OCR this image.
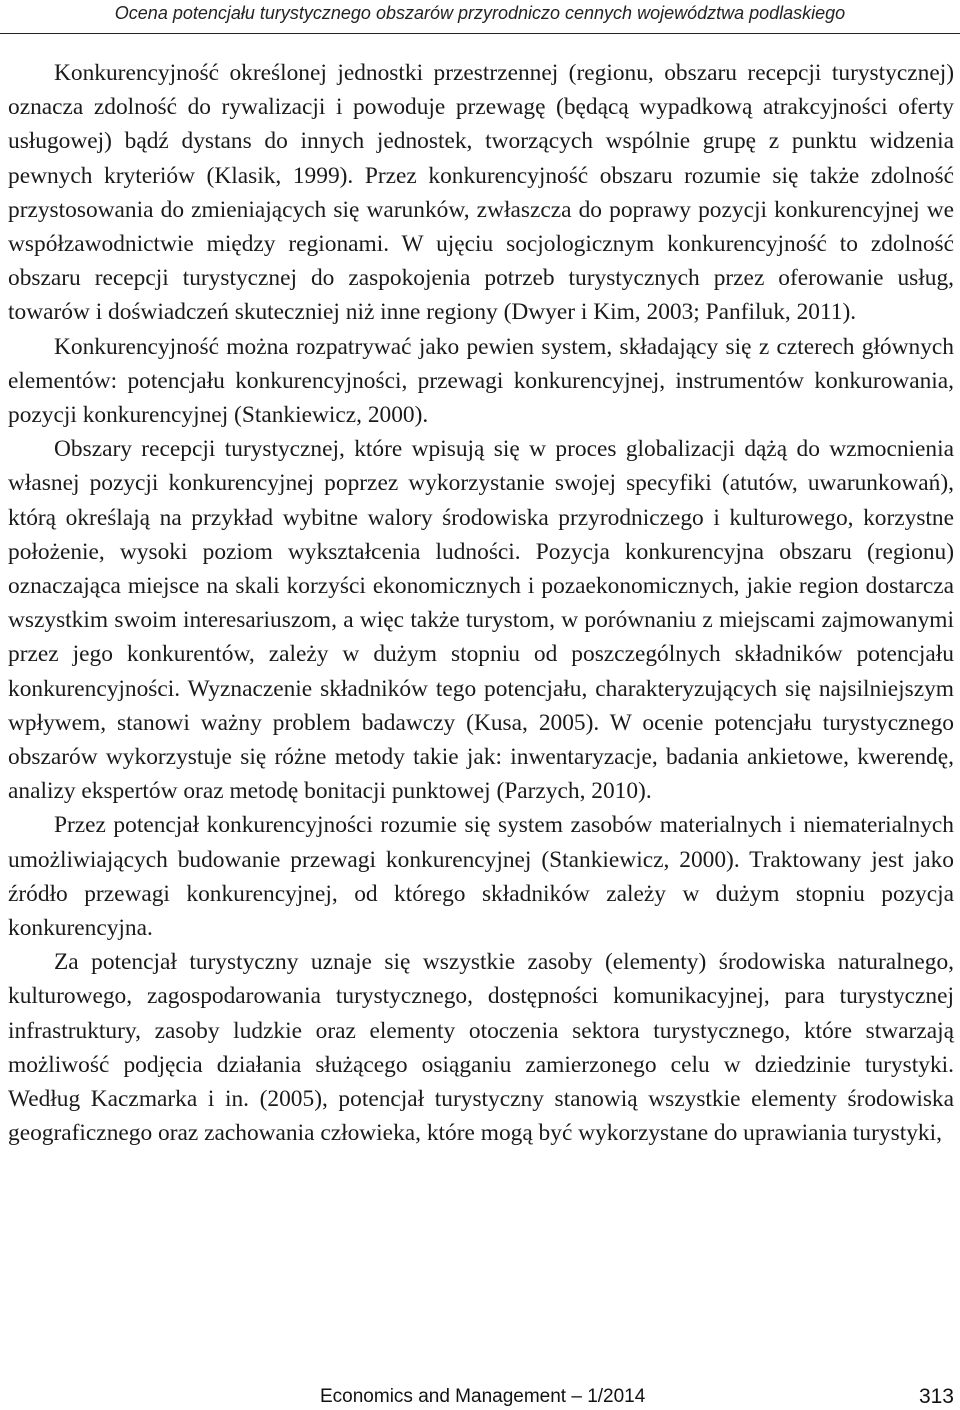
Ocena potencjału turystycznego obszarów przyrodniczo cennych województwa podlaskiego

Konkurencyjność określonej jednostki przestrzennej (regionu, obszaru recepcji turystycznej) oznacza zdolność do rywalizacji i powoduje przewagę (będącą wypadkową atrakcyjności oferty usługowej) bądź dystans do innych jednostek, tworzących wspólnie grupę z punktu widzenia pewnych kryteriów (Klasik, 1999). Przez konkurencyjność obszaru rozumie się także zdolność przystosowania do zmieniających się warunków, zwłaszcza do poprawy pozycji konkurencyjnej we współzawodnictwie między regionami. W ujęciu socjologicznym konkurencyjność to zdolność obszaru recepcji turystycznej do zaspokojenia potrzeb turystycznych przez oferowanie usług, towarów i doświadczeń skuteczniej niż inne regiony (Dwyer i Kim, 2003; Panfiluk, 2011).

Konkurencyjność można rozpatrywać jako pewien system, składający się z czterech głównych elementów: potencjału konkurencyjności, przewagi konkurencyjnej, instrumentów konkurowania, pozycji konkurencyjnej (Stankiewicz, 2000).

Obszary recepcji turystycznej, które wpisują się w proces globalizacji dążą do wzmocnienia własnej pozycji konkurencyjnej poprzez wykorzystanie swojej specyfiki (atutów, uwarunkowań), którą określają na przykład wybitne walory środowiska przyrodniczego i kulturowego, korzystne położenie, wysoki poziom wykształcenia ludności. Pozycja konkurencyjna obszaru (regionu) oznaczająca miejsce na skali korzyści ekonomicznych i pozaekonomicznych, jakie region dostarcza wszystkim swoim interesariuszom, a więc także turystom, w porównaniu z miejscami zajmowanymi przez jego konkurentów, zależy w dużym stopniu od poszczególnych składników potencjału konkurencyjności. Wyznaczenie składników tego potencjału, charakteryzujących się najsilniejszym wpływem, stanowi ważny problem badawczy (Kusa, 2005). W ocenie potencjału turystycznego obszarów wykorzystuje się różne metody takie jak: inwentaryzacje, badania ankietowe, kwerendę, analizy ekspertów oraz metodę bonitacji punktowej (Parzych, 2010).

Przez potencjał konkurencyjności rozumie się system zasobów materialnych i niematerialnych umożliwiających budowanie przewagi konkurencyjnej (Stankiewicz, 2000). Traktowany jest jako źródło przewagi konkurencyjnej, od którego składników zależy w dużym stopniu pozycja konkurencyjna.

Za potencjał turystyczny uznaje się wszystkie zasoby (elementy) środowiska naturalnego, kulturowego, zagospodarowania turystycznego, dostępności komunikacyjnej, para turystycznej infrastruktury, zasoby ludzkie oraz elementy otoczenia sektora turystycznego, które stwarzają możliwość podjęcia działania służącego osiąganiu zamierzonego celu w dziedzinie turystyki. Według Kaczmarka i in. (2005), potencjał turystyczny stanowią wszystkie elementy środowiska geograficznego oraz zachowania człowieka, które mogą być wykorzystane do uprawiania turystyki,

Economics and Management – 1/2014	313
